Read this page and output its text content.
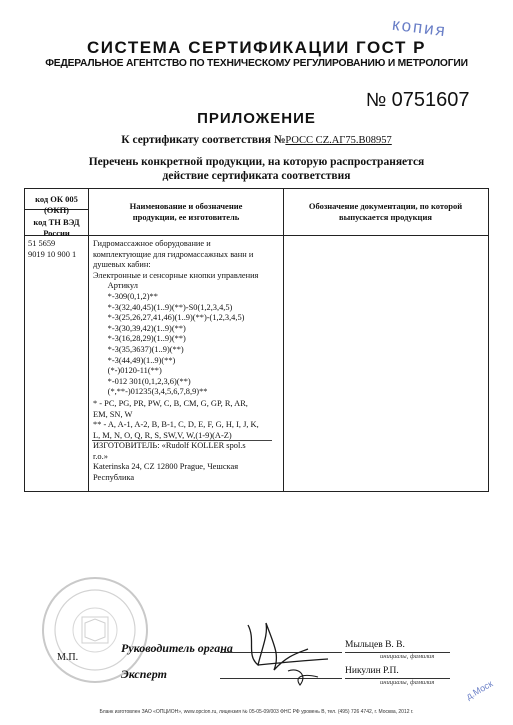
копия
СИСТЕМА СЕРТИФИКАЦИИ ГОСТ Р
ФЕДЕРАЛЬНОЕ АГЕНТСТВО ПО ТЕХНИЧЕСКОМУ РЕГУЛИРОВАНИЮ И МЕТРОЛОГИИ
№ 0751607
ПРИЛОЖЕНИЕ
К сертификату соответствия №РОСС CZ.АГ75.В08957
Перечень конкретной продукции, на которую распространяется
действие сертификата соответствия
код ОК 005 (ОКП)
код ТН ВЭД России
Наименование и обозначение продукции, ее изготовитель
Обозначение документации, по которой выпускается продукция
51 5659
9019 10 900 1
Гидромассажное оборудование и
комплектующие для гидромассажных ванн и
душевых кабин:
Электронные и сенсорные кнопки управления
Артикул
*-309(0,1,2)**
*-3(32,40,45)(1..9)(**)-S0(1,2,3,4,5)
*-3(25,26,27,41,46)(1..9)(**)-(1,2,3,4,5)
*-3(30,39,42)(1..9)(**)
*-3(16,28,29)(1..9)(**)
*-3(35,3637)(1..9)(**)
*-3(44,49)(1..9)(**)
(*-)0120-11(**)
*-012 301(0,1,2,3,6)(**)
(*,**-)01235(3,4,5,6,7,8,9)**
* - PC, PG, PR, PW, C, B, CM, G, GP, R, AR,
EM, SN, W
** - A, A-1, A-2, B, B-1, C, D, E, F, G, H, I, J, K,
L, M, N, O, Q, R, S, SW,V, W,(1-9)(A-Z)
ИЗГОТОВИТЕЛЬ: «Rudolf KOLLER spol.s
r.o.»
Katerinska 24, CZ 12800 Prague, Чешская
Республика
М.П.
Руководитель органа
Эксперт
Мыльцев В. В.
инициалы, фамилия
Никулин Р.П.
инициалы, фамилия	д.Моск
Бланк изготовлен ЗАО «ОПЦИОН», www.opcion.ru, лицензия № 05-05-09/003 ФНС РФ уровень В, тел. (495) 726 4742, г. Москва, 2012 г.
